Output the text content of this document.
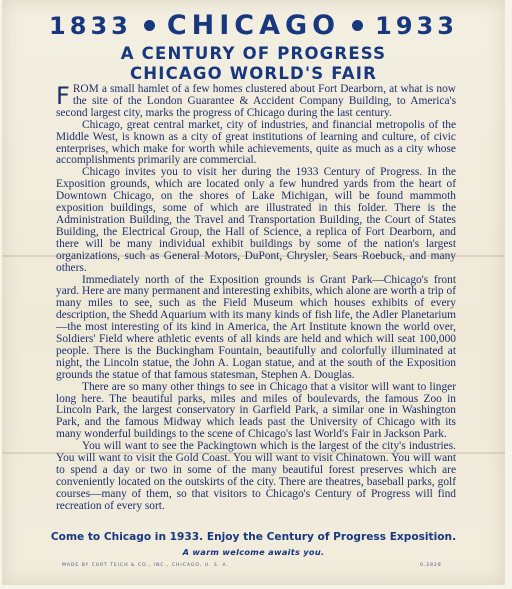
1833 CHICAGO 1933
A CENTURY OF PROGRESS
CHICAGO WORLD'S FAIR

FROM a small hamlet of a few homes clustered about Fort Dearborn, at what is now the site of the London Guarantee & Accident Company Building, to America's second largest city, marks the progress of Chicago during the last century.

Chicago, great central market, city of industries, and financial metropolis of the Middle West, is known as a city of great institutions of learning and culture, of civic enterprises, which make for worth while achievements, quite as much as a city whose accomplishments primarily are commercial.

Chicago invites you to visit her during the 1933 Century of Progress. In the Exposition grounds, which are located only a few hundred yards from the heart of Downtown Chicago, on the shores of Lake Michigan, will be found mammoth exposition buildings, some of which are illustrated in this folder. There is the Administration Building, the Travel and Transportation Building, the Court of States Building, the Electrical Group, the Hall of Science, a replica of Fort Dearborn, and there will be many individual exhibit buildings by some of the nation's largest organizations, such as General Motors, DuPont, Chrysler, Sears Roebuck, and many others.

Immediately north of the Exposition grounds is Grant Park—Chicago's front yard. Here are many permanent and interesting exhibits, which alone are worth a trip of many miles to see, such as the Field Museum which houses exhibits of every description, the Shedd Aquarium with its many kinds of fish life, the Adler Planetarium—the most interesting of its kind in America, the Art Institute known the world over, Soldiers' Field where athletic events of all kinds are held and which will seat 100,000 people. There is the Buckingham Fountain, beautifully and colorfully illuminated at night, the Lincoln statue, the John A. Logan statue, and at the south of the Exposition grounds the statue of that famous statesman, Stephen A. Douglas.

There are so many other things to see in Chicago that a visitor will want to linger long here. The beautiful parks, miles and miles of boulevards, the famous Zoo in Lincoln Park, the largest conservatory in Garfield Park, a similar one in Washington Park, and the famous Midway which leads past the University of Chicago with its many wonderful buildings to the scene of Chicago's last World's Fair in Jackson Park.

You will want to see the Packingtown which is the largest of the city's industries. You will want to visit the Gold Coast. You will want to visit Chinatown. You will want to spend a day or two in some of the many beautiful forest preserves which are conveniently located on the outskirts of the city. There are theatres, baseball parks, golf courses—many of them, so that visitors to Chicago's Century of Progress will find recreation of every sort.

Come to Chicago in 1933. Enjoy the Century of Progress Exposition.
A warm welcome awaits you.
MADE BY CURT TEICH & CO., INC., CHICAGO, U. S. A.	0.2828
